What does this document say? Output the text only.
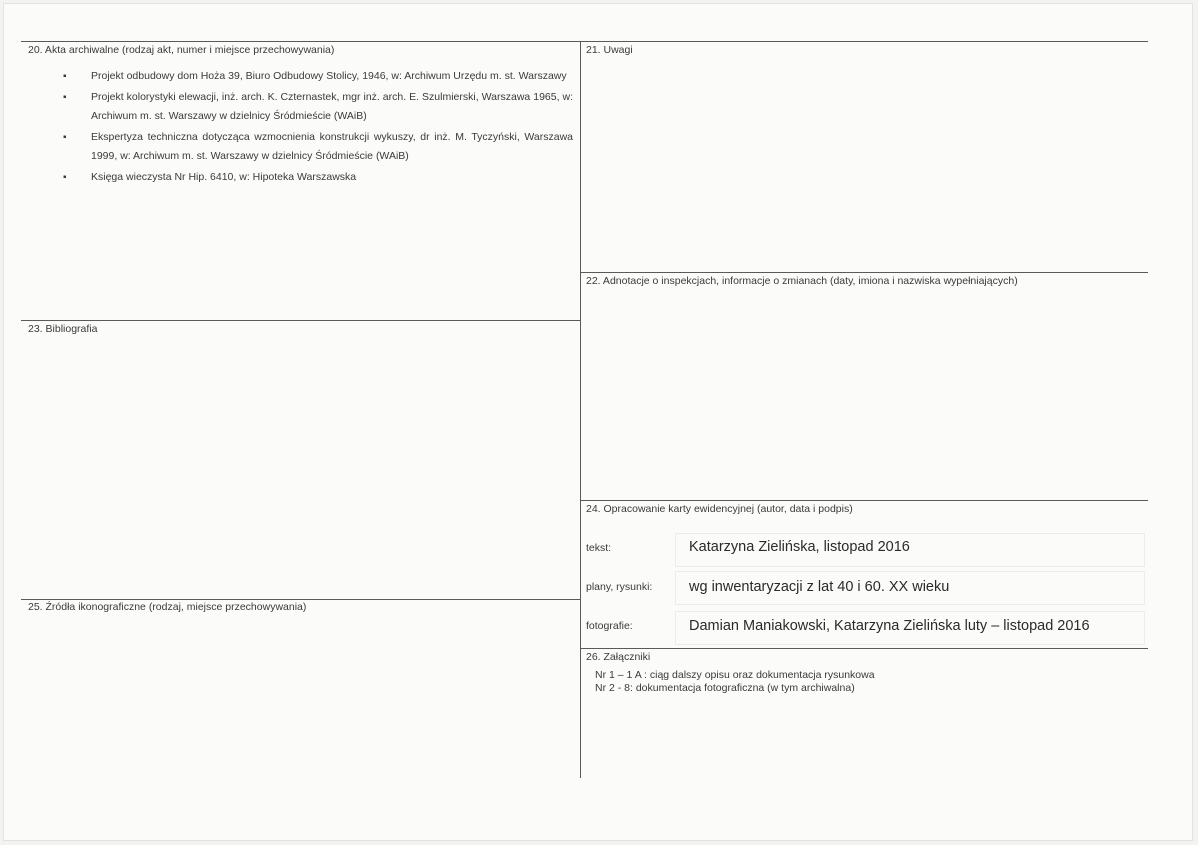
20. Akta archiwalne (rodzaj akt, numer i miejsce przechowywania)
▪ Projekt odbudowy dom Hoża 39, Biuro Odbudowy Stolicy, 1946, w: Archiwum Urzędu m. st. Warszawy
▪ Projekt kolorystyki elewacji, inż. arch. K. Czternastek, mgr inż. arch. E. Szulmierski, Warszawa 1965, w: Archiwum m. st. Warszawy w dzielnicy Śródmieście (WAiB)
▪ Ekspertyza techniczna dotycząca wzmocnienia konstrukcji wykuszy, dr inż. M. Tyczyński, Warszawa 1999, w: Archiwum m. st. Warszawy w dzielnicy Śródmieście (WAiB)
▪ Księga wieczysta Nr Hip. 6410, w: Hipoteka Warszawska
21. Uwagi
22. Adnotacje o inspekcjach, informacje o zmianach (daty, imiona i nazwiska wypełniających)
23. Bibliografia
24. Opracowanie karty ewidencyjnej (autor, data i podpis)
tekst:	Katarzyna Zielińska, listopad 2016
plany, rysunki:	wg inwentaryzacji z lat 40 i 60. XX wieku
fotografie:	Damian Maniakowski, Katarzyna Zielińska luty – listopad 2016
25. Źródła ikonograficzne (rodzaj, miejsce przechowywania)
26. Załączniki
Nr 1 – 1 A : ciąg dalszy opisu oraz dokumentacja rysunkowa
Nr 2 - 8: dokumentacja fotograficzna (w tym archiwalna)
